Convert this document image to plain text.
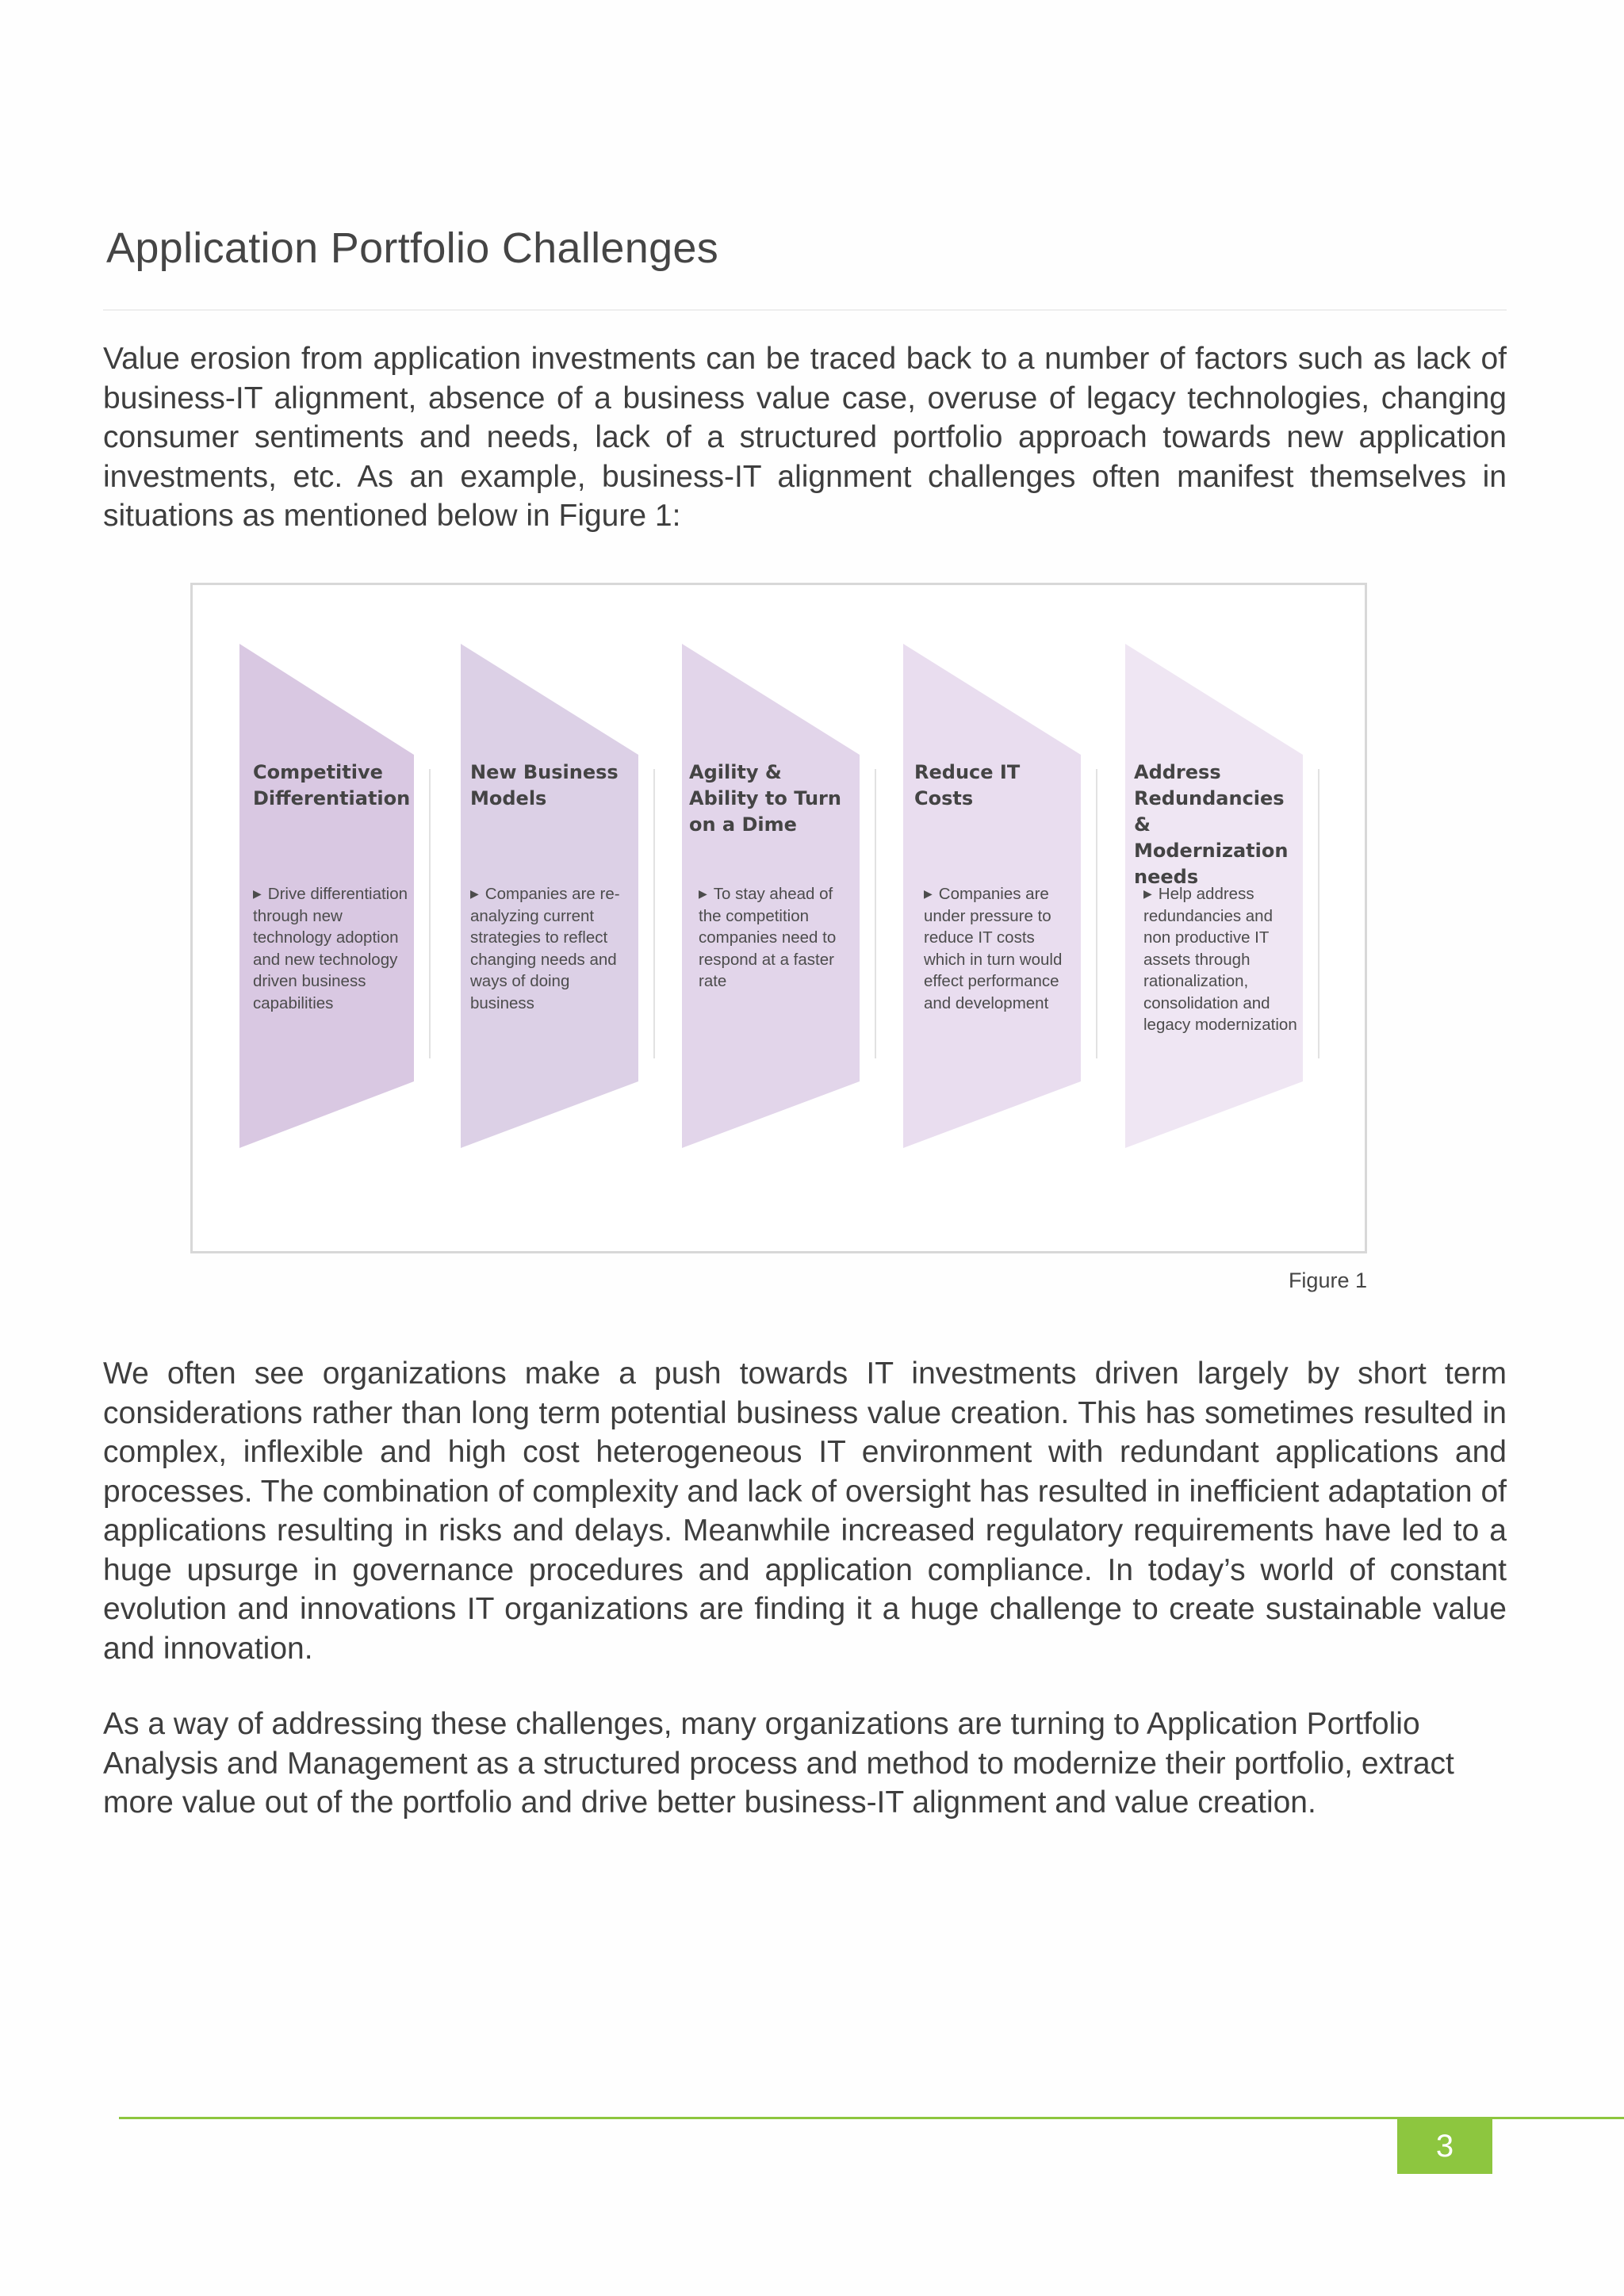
Application Portfolio Challenges

Value erosion from application investments can be traced back to a number of factors such as lack of business-IT alignment, absence of a business value case, overuse of legacy technologies, changing consumer sentiments and needs, lack of a structured portfolio approach towards new application investments, etc. As an example, business-IT alignment challenges often manifest themselves in situations as mentioned below in Figure 1:

Competitive Differentiation

▶ Drive differentiation through new technology adoption and new technology driven business capabilities

New Business Models

▶ Companies are re-analyzing current strategies to reflect changing needs and ways of doing business

Agility & Ability to Turn on a Dime

▶ To stay ahead of the competition companies need to respond at a faster rate

Reduce IT Costs

▶ Companies are under pressure to reduce IT costs which in turn would effect performance and development

Address Redundancies & Modernization needs

▶ Help address redundancies and non productive IT assets through rationalization, consolidation and legacy modernization

Figure 1

We often see organizations make a push towards IT investments driven largely by short term considerations rather than long term potential business value creation. This has sometimes resulted in complex, inflexible and high cost heterogeneous IT environment with redundant applications and processes. The combination of complexity and lack of oversight has resulted in inefficient adaptation of applications resulting in risks and delays. Meanwhile increased regulatory requirements have led to a huge upsurge in governance procedures and application compliance. In today’s world of constant evolution and innovations IT organizations are finding it a huge challenge to create sustainable value and innovation.

As a way of addressing these challenges, many organizations are turning to Application Portfolio Analysis and Management as a structured process and method to modernize their portfolio, extract more value out of the portfolio and drive better business-IT alignment and value creation.

3
